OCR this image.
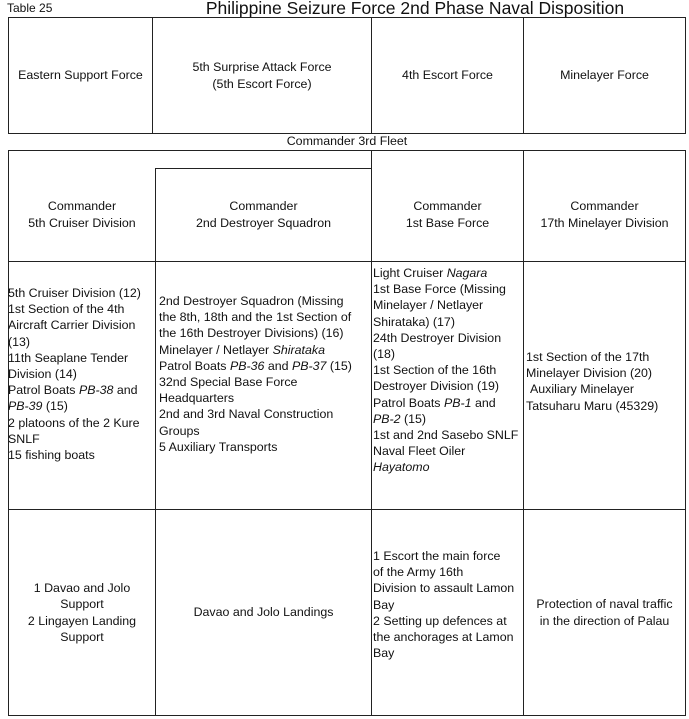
Table 25	Philippine Seizure Force 2nd Phase Naval Disposition
Eastern Support Force
5th Surprise Attack Force
(5th Escort Force)
4th Escort Force	Minelayer Force
Commander 3rd Fleet
Commander
5th Cruiser Division
Commander
2nd Destroyer Squadron
Commander
1st Base Force
Commander
17th Minelayer Division
5th Cruiser Division (12)
1st Section of the 4th
Aircraft Carrier Division
(13)
11th Seaplane Tender
Division (14)
Patrol Boats PB-38 and
PB-39 (15)
2 platoons of the 2 Kure
SNLF
15 fishing boats
2nd Destroyer Squadron (Missing
the 8th, 18th and the 1st Section of
the 16th Destroyer Divisions) (16)
Minelayer / Netlayer Shirataka
Patrol Boats PB-36 and PB-37 (15)
32nd Special Base Force
Headquarters
2nd and 3rd Naval Construction
Groups
5 Auxiliary Transports
Light Cruiser Nagara
1st Base Force (Missing
Minelayer / Netlayer
Shirataka) (17)
24th Destroyer Division
(18)
1st Section of the 16th
Destroyer Division (19)
Patrol Boats PB-1 and
PB-2 (15)
1st and 2nd Sasebo SNLF
Naval Fleet Oiler
Hayatomo
1st Section of the 17th
Minelayer Division (20)
Auxiliary Minelayer
Tatsuharu Maru (45329)
1 Davao and Jolo
Support
2 Lingayen Landing
Support
Davao and Jolo Landings
1 Escort the main force
of the Army 16th
Division to assault Lamon
Bay
2 Setting up defences at
the anchorages at Lamon
Bay
Protection of naval traffic
in the direction of Palau
